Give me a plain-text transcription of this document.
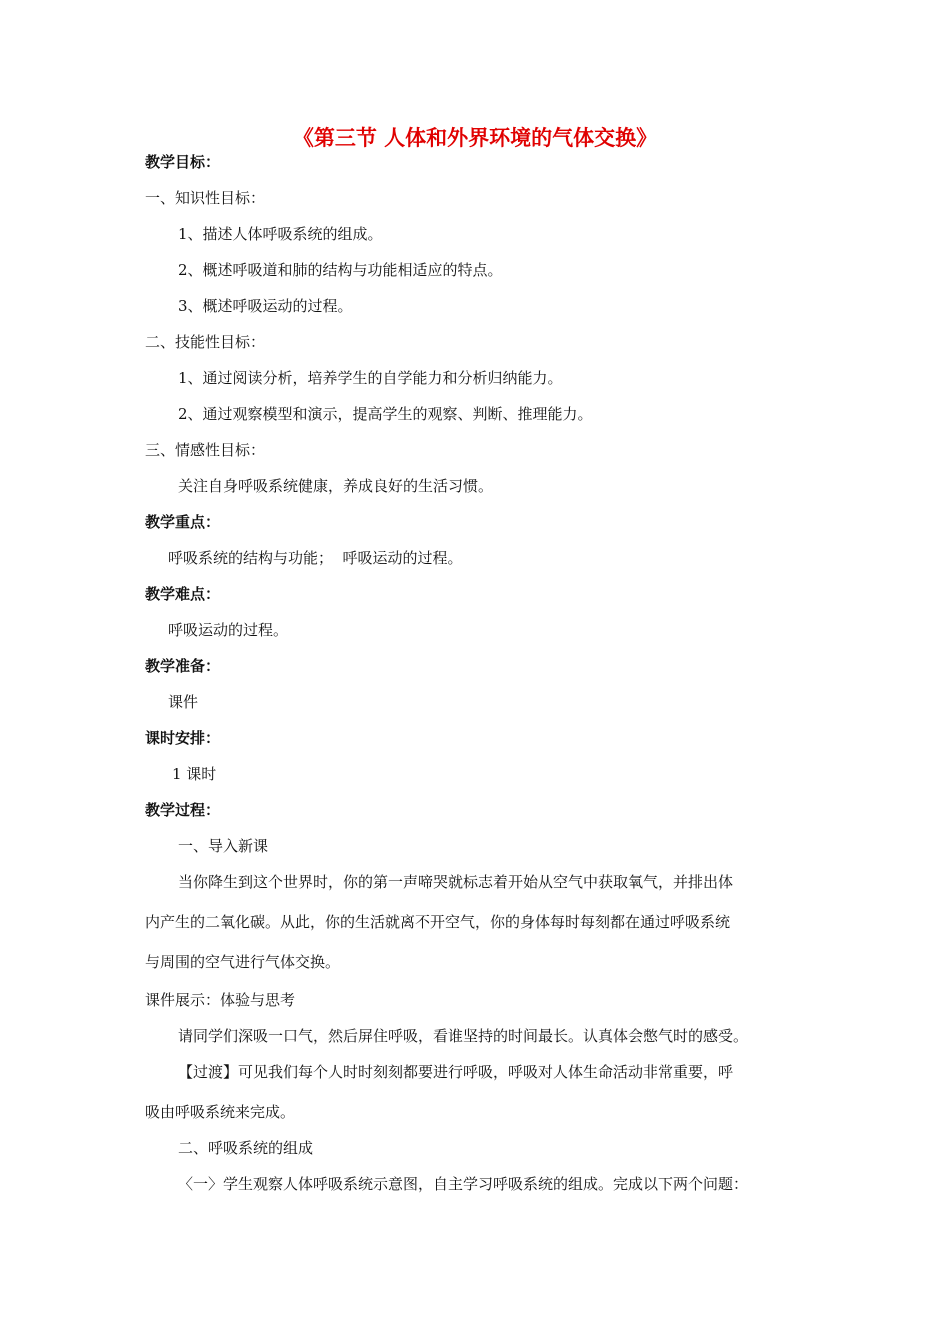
《第三节 人体和外界环境的气体交换》
教学目标：
一、知识性目标：
1、描述人体呼吸系统的组成。
2、概述呼吸道和肺的结构与功能相适应的特点。
3、概述呼吸运动的过程。
二、技能性目标：
1、通过阅读分析，培养学生的自学能力和分析归纳能力。
2、通过观察模型和演示，提高学生的观察、判断、推理能力。
三、情感性目标：
关注自身呼吸系统健康，养成良好的生活习惯。
教学重点：
呼吸系统的结构与功能；  呼吸运动的过程。
教学难点：
呼吸运动的过程。
教学准备：
课件
课时安排：
1 课时
教学过程：
一、导入新课
当你降生到这个世界时，你的第一声啼哭就标志着开始从空气中获取氧气，并排出体
内产生的二氧化碳。从此，你的生活就离不开空气，你的身体每时每刻都在通过呼吸系统
与周围的空气进行气体交换。
课件展示：体验与思考
请同学们深吸一口气，然后屏住呼吸，看谁坚持的时间最长。认真体会憋气时的感受。
【过渡】可见我们每个人时时刻刻都要进行呼吸，呼吸对人体生命活动非常重要，呼
吸由呼吸系统来完成。
二、呼吸系统的组成
〈一〉学生观察人体呼吸系统示意图，自主学习呼吸系统的组成。完成以下两个问题：
